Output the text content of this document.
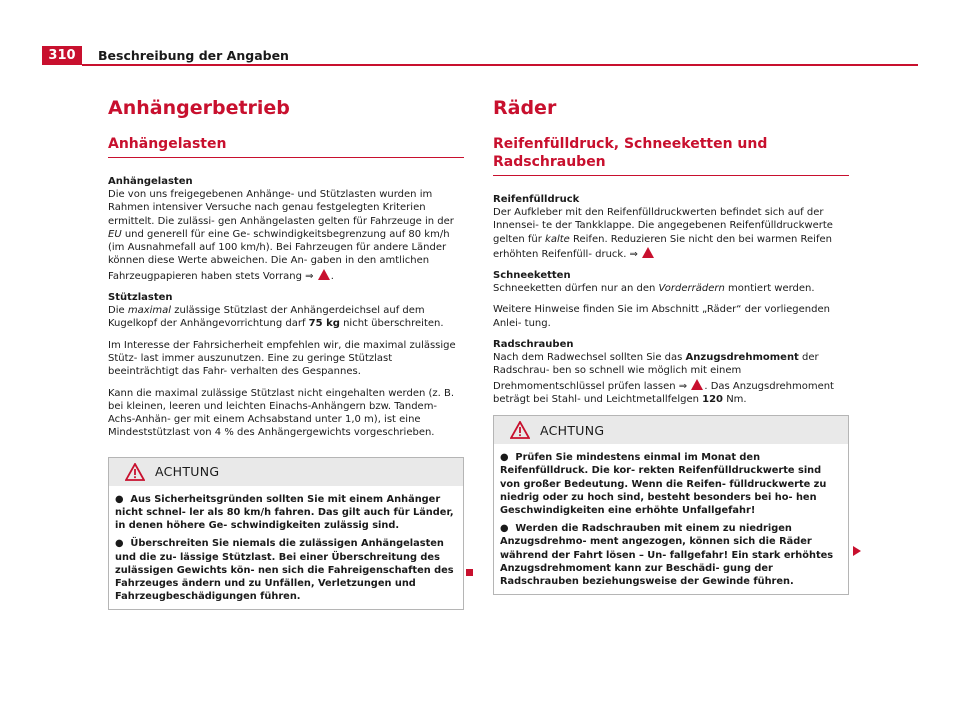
310	Beschreibung der Angaben
Anhängerbetrieb
Anhängelasten
Anhängelasten

Die von uns freigegebenen Anhänge- und Stützlasten wurden im Rahmen intensiver Versuche nach genau festgelegten Kriterien ermittelt. Die zulässi- gen Anhängelasten gelten für Fahrzeuge in der EU und generell für eine Ge- schwindigkeitsbegrenzung auf 80 km/h (im Ausnahmefall auf 100 km/h). Bei Fahrzeugen für andere Länder können diese Werte abweichen. Die An- gaben in den amtlichen Fahrzeugpapieren haben stets Vorrang ⇒ .

Stützlasten

Die maximal zulässige Stützlast der Anhängerdeichsel auf dem Kugelkopf der Anhängevorrichtung darf 75 kg nicht überschreiten.

Im Interesse der Fahrsicherheit empfehlen wir, die maximal zulässige Stütz- last immer auszunutzen. Eine zu geringe Stützlast beeinträchtigt das Fahr- verhalten des Gespannes.

Kann die maximal zulässige Stützlast nicht eingehalten werden (z. B. bei kleinen, leeren und leichten Einachs-Anhängern bzw. Tandem-Achs-Anhän- ger mit einem Achsabstand unter 1,0 m), ist eine Mindeststützlast von 4 % des Anhängergewichts vorgeschrieben.

ACHTUNG

● Aus Sicherheitsgründen sollten Sie mit einem Anhänger nicht schnel- ler als 80 km/h fahren. Das gilt auch für Länder, in denen höhere Ge- schwindigkeiten zulässig sind.

● Überschreiten Sie niemals die zulässigen Anhängelasten und die zu- lässige Stützlast. Bei einer Überschreitung des zulässigen Gewichts kön- nen sich die Fahreigenschaften des Fahrzeuges ändern und zu Unfällen, Verletzungen und Fahrzeugbeschädigungen führen.

Räder
Reifenfülldruck, Schneeketten und Radschrauben
Reifenfülldruck

Der Aufkleber mit den Reifenfülldruckwerten befindet sich auf der Innensei- te der Tankklappe. Die angegebenen Reifenfülldruckwerte gelten für kalte Reifen. Reduzieren Sie nicht den bei warmen Reifen erhöhten Reifenfüll- druck. ⇒

Schneeketten

Schneeketten dürfen nur an den Vorderrädern montiert werden.

Weitere Hinweise finden Sie im Abschnitt „Räder“ der vorliegenden Anlei- tung.

Radschrauben

Nach dem Radwechsel sollten Sie das Anzugsdrehmoment der Radschrau- ben so schnell wie möglich mit einem Drehmomentschlüssel prüfen lassen ⇒ . Das Anzugsdrehmoment beträgt bei Stahl- und Leichtmetallfelgen 120 Nm.

ACHTUNG

● Prüfen Sie mindestens einmal im Monat den Reifenfülldruck. Die kor- rekten Reifenfülldruckwerte sind von großer Bedeutung. Wenn die Reifen- fülldruckwerte zu niedrig oder zu hoch sind, besteht besonders bei ho- hen Geschwindigkeiten eine erhöhte Unfallgefahr!

● Werden die Radschrauben mit einem zu niedrigen Anzugsdrehmo- ment angezogen, können sich die Räder während der Fahrt lösen – Un- fallgefahr! Ein stark erhöhtes Anzugsdrehmoment kann zur Beschädi- gung der Radschrauben beziehungsweise der Gewinde führen.
